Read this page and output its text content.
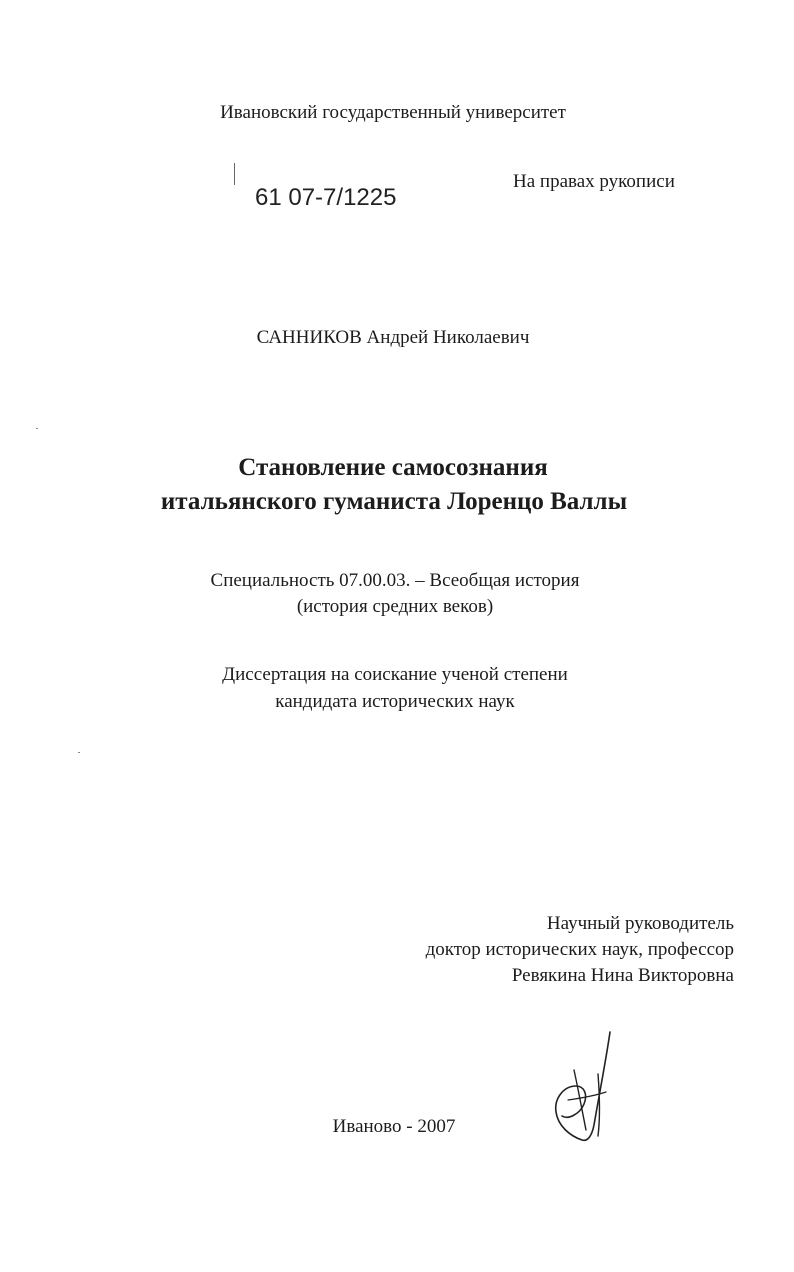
Ивановский государственный университет
61 07-7/1225
На правах рукописи
САННИКОВ Андрей Николаевич
Становление самосознания
итальянского гуманиста Лоренцо Валлы
Специальность 07.00.03. – Всеобщая история
(история средних веков)
Диссертация на соискание ученой степени
кандидата исторических наук
Научный руководитель
доктор исторических наук, профессор
Ревякина Нина Викторовна
Иваново - 2007
